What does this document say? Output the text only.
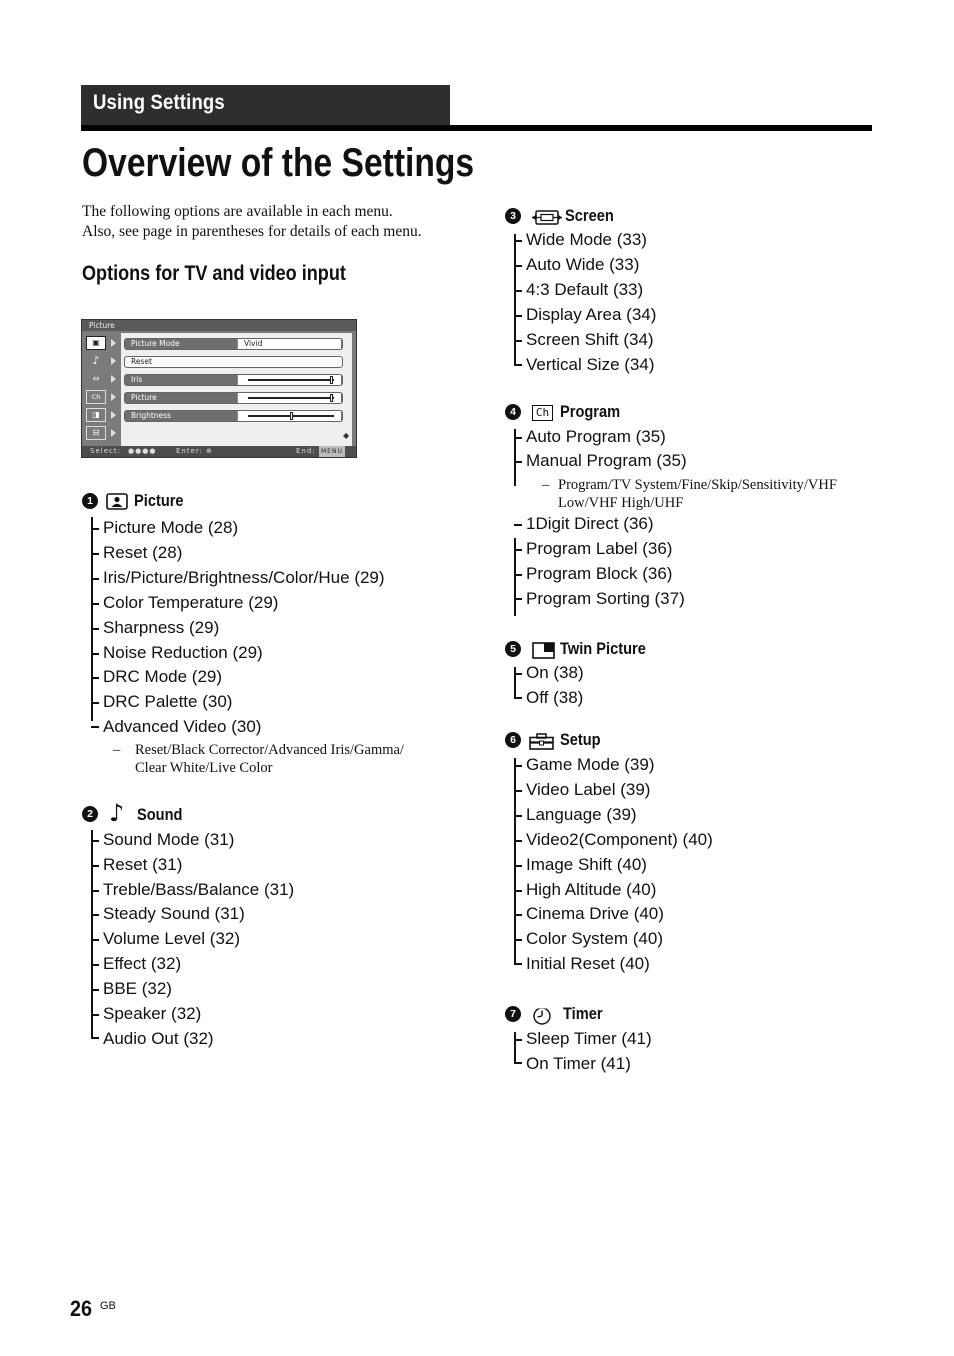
Using Settings
Overview of the Settings
The following options are available in each menu.
Also, see page in parentheses for details of each menu.
Options for TV and video input
Picture
▣
♪
⇔
Ch
◨
⊟
Picture Mode	Vivid
Reset
Iris
Picture
Brightness
◆
Select: ●●●●	Enter: ⊕	End: MENU
1 Picture
Picture Mode (28)
Reset (28)
Iris/Picture/Brightness/Color/Hue (29)
Color Temperature (29)
Sharpness (29)
Noise Reduction (29)
DRC Mode (29)
DRC Palette (30)
Advanced Video (30)
– Reset/Black Corrector/Advanced Iris/Gamma/
Clear White/Live Color
2 ♪ Sound
Sound Mode (31)
Reset (31)
Treble/Bass/Balance (31)
Steady Sound (31)
Volume Level (32)
Effect (32)
BBE (32)
Speaker (32)
Audio Out (32)
3	Screen
Wide Mode (33)
Auto Wide (33)
4:3 Default (33)
Display Area (34)
Screen Shift (34)
Vertical Size (34)
4	Ch Program
Auto Program (35)
Manual Program (35)
1Digit Direct (36)
Program Label (36)
Program Block (36)
Program Sorting (37)
– Program/TV System/Fine/Skip/Sensitivity/VHF
Low/VHF High/UHF
5	Twin Picture
On (38)
Off (38)
6	Setup
Game Mode (39)
Video Label (39)
Language (39)
Video2(Component) (40)
Image Shift (40)
High Altitude (40)
Cinema Drive (40)
Color System (40)
Initial Reset (40)
7	Timer
Sleep Timer (41)
On Timer (41)
26 GB
